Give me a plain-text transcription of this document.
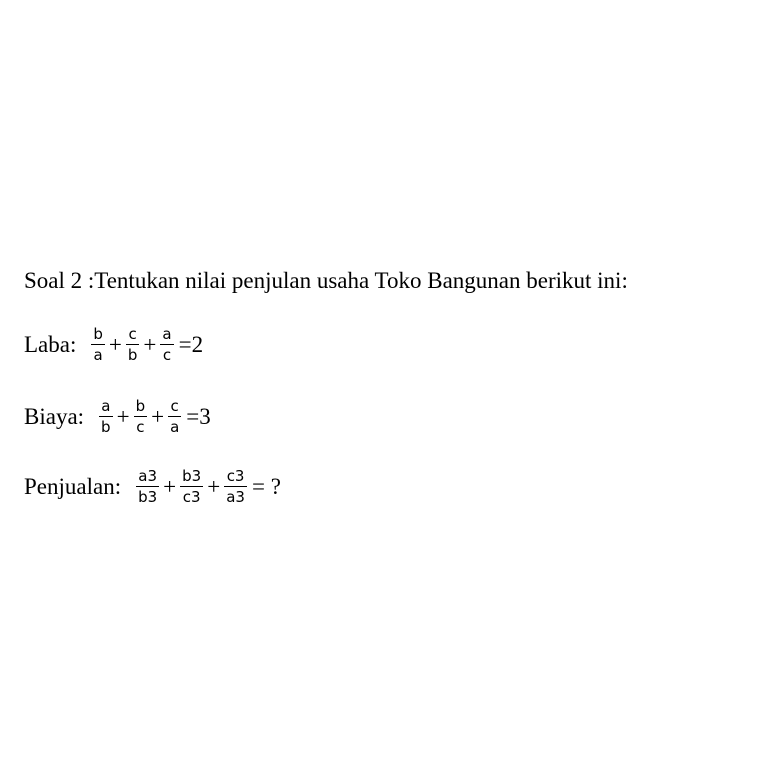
Soal 2 :Tentukan nilai penjulan usaha Toko Bangunan berikut ini:
Laba: $\frac{b}{a} + \frac{c}{b} + \frac{a}{c} =2$
Biaya: $\frac{a}{b} + \frac{b}{c} + \frac{c}{a} =3$
Penjualan: $\frac{a3}{b3} + \frac{b3}{c3} + \frac{c3}{a3}$ = ?
